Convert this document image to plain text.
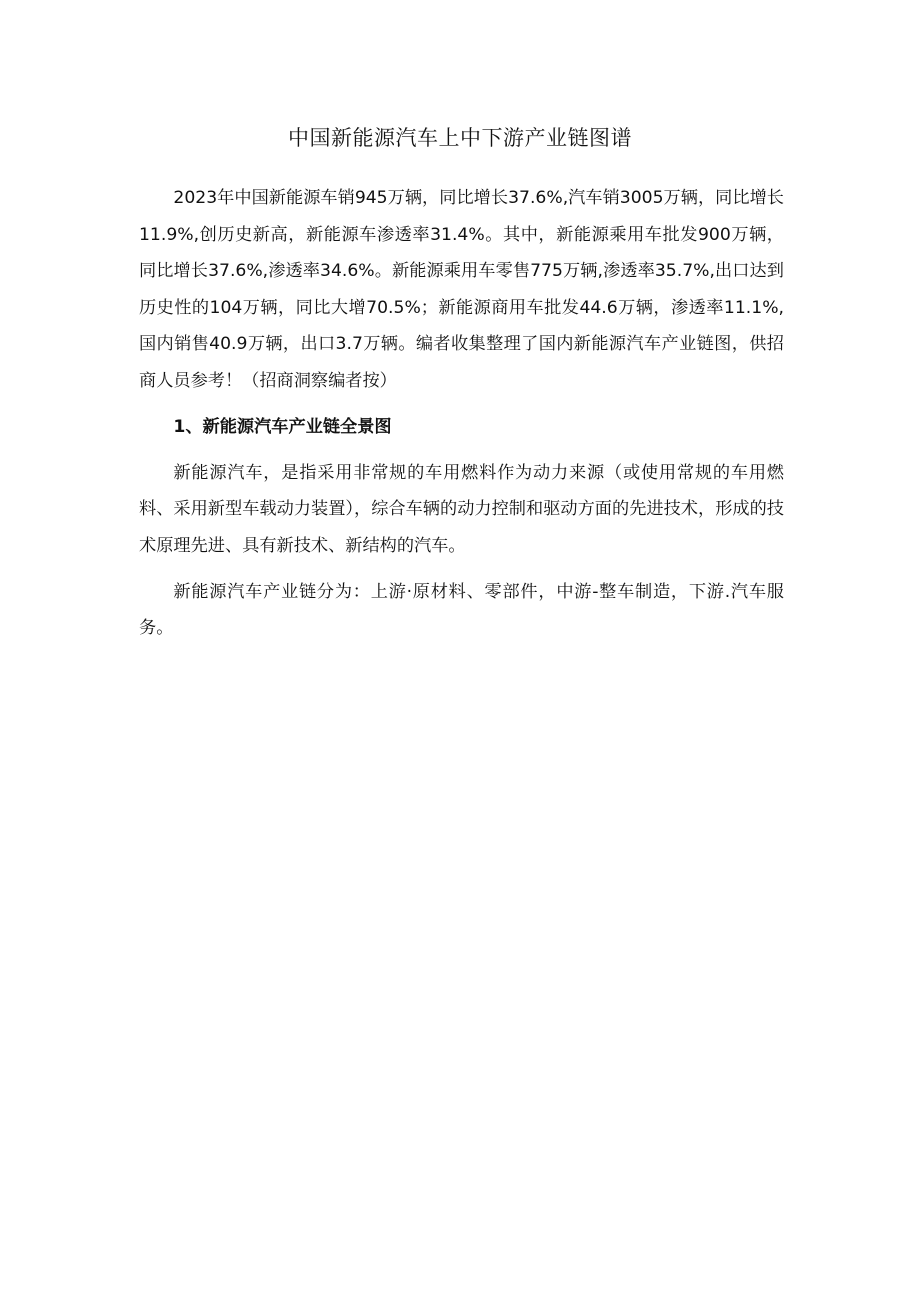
中国新能源汽车上中下游产业链图谱

2023年中国新能源车销945万辆，同比增长37.6%,汽车销3005万辆，同比增长11.9%,创历史新高，新能源车渗透率31.4%。其中，新能源乘用车批发900万辆，同比增长37.6%,渗透率34.6%。新能源乘用车零售775万辆,渗透率35.7%,出口达到历史性的104万辆，同比大增70.5%；新能源商用车批发44.6万辆，渗透率11.1%,国内销售40.9万辆，出口3.7万辆。编者收集整理了国内新能源汽车产业链图，供招商人员参考！（招商洞察编者按）

1、新能源汽车产业链全景图

新能源汽车，是指采用非常规的车用燃料作为动力来源（或使用常规的车用燃料、采用新型车载动力装置），综合车辆的动力控制和驱动方面的先进技术，形成的技术原理先进、具有新技术、新结构的汽车。

新能源汽车产业链分为：上游·原材料、零部件，中游-整车制造，下游.汽车服务。
